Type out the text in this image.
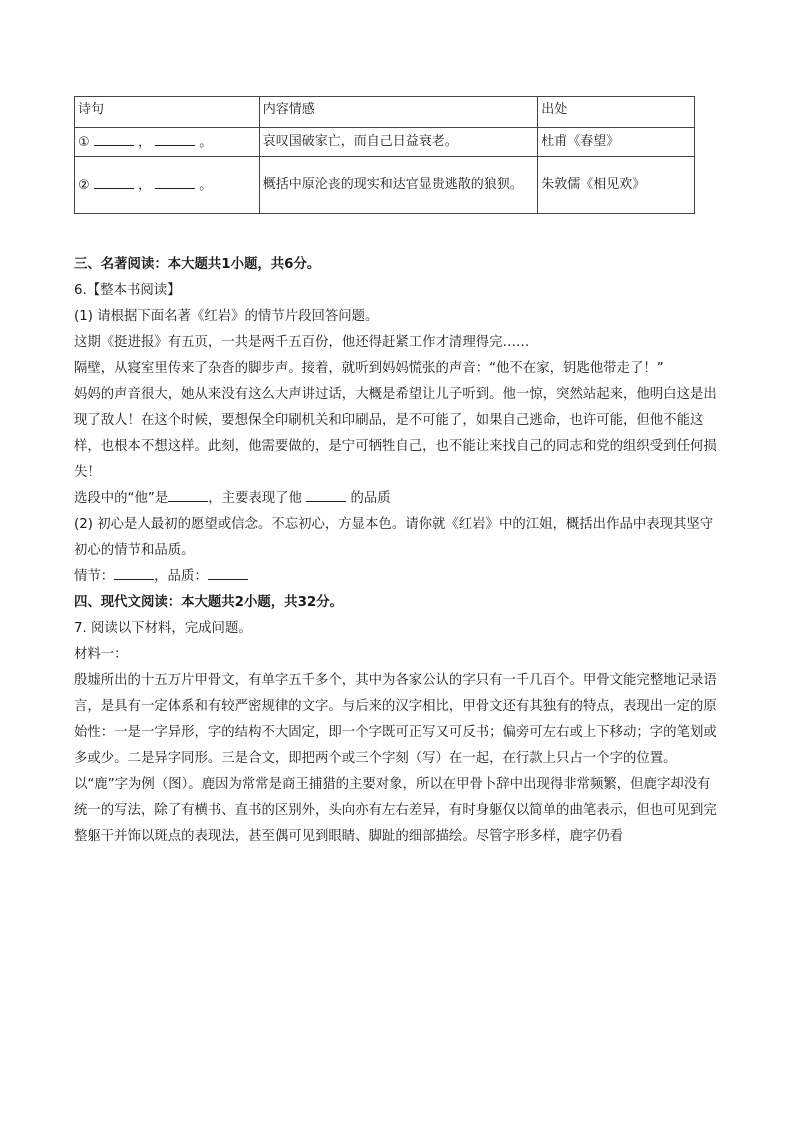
诗句	内容情感	出处
① ， 。	哀叹国破家亡，而自己日益衰老。	杜甫《春望》
② ， 。	概括中原沦丧的现实和达官显贵逃散的狼狈。	朱敦儒《相见欢》

三、名著阅读：本大题共1小题，共6分。

6.【整本书阅读】

(1) 请根据下面名著《红岩》的情节片段回答问题。

这期《挺进报》有五页，一共是两千五百份，他还得赶紧工作才清理得完……

隔壁，从寝室里传来了杂沓的脚步声。接着，就听到妈妈慌张的声音：“他不在家，钥匙他带走了！”

妈妈的声音很大，她从来没有这么大声讲过话，大概是希望让儿子听到。他一惊，突然站起来，他明白这是出现了敌人！在这个时候，要想保全印刷机关和印刷品，是不可能了，如果自己逃命，也许可能，但他不能这样，也根本不想这样。此刻，他需要做的，是宁可牺牲自己，也不能让来找自己的同志和党的组织受到任何损失！

选段中的“他”是	，主要表现了他	的品质

(2) 初心是人最初的愿望或信念。不忘初心，方显本色。请你就《红岩》中的江姐，概括出作品中表现其坚守初心的情节和品质。

情节：	，品质：

四、现代文阅读：本大题共2小题，共32分。

7. 阅读以下材料，完成问题。

材料一：

殷墟所出的十五万片甲骨文，有单字五千多个，其中为各家公认的字只有一千几百个。甲骨文能完整地记录语言，是具有一定体系和有较严密规律的文字。与后来的汉字相比，甲骨文还有其独有的特点，表现出一定的原始性：一是一字异形，字的结构不大固定，即一个字既可正写又可反书；偏旁可左右或上下移动；字的笔划或多或少。二是异字同形。三是合文，即把两个或三个字刻（写）在一起，在行款上只占一个字的位置。

以“鹿”字为例（图）。鹿因为常常是商王捕猎的主要对象，所以在甲骨卜辞中出现得非常频繁，但鹿字却没有统一的写法，除了有横书、直书的区别外，头向亦有左右差异，有时身躯仅以简单的曲笔表示，但也可见到完整躯干并饰以斑点的表现法，甚至偶可见到眼睛、脚趾的细部描绘。尽管字形多样，鹿字仍看
